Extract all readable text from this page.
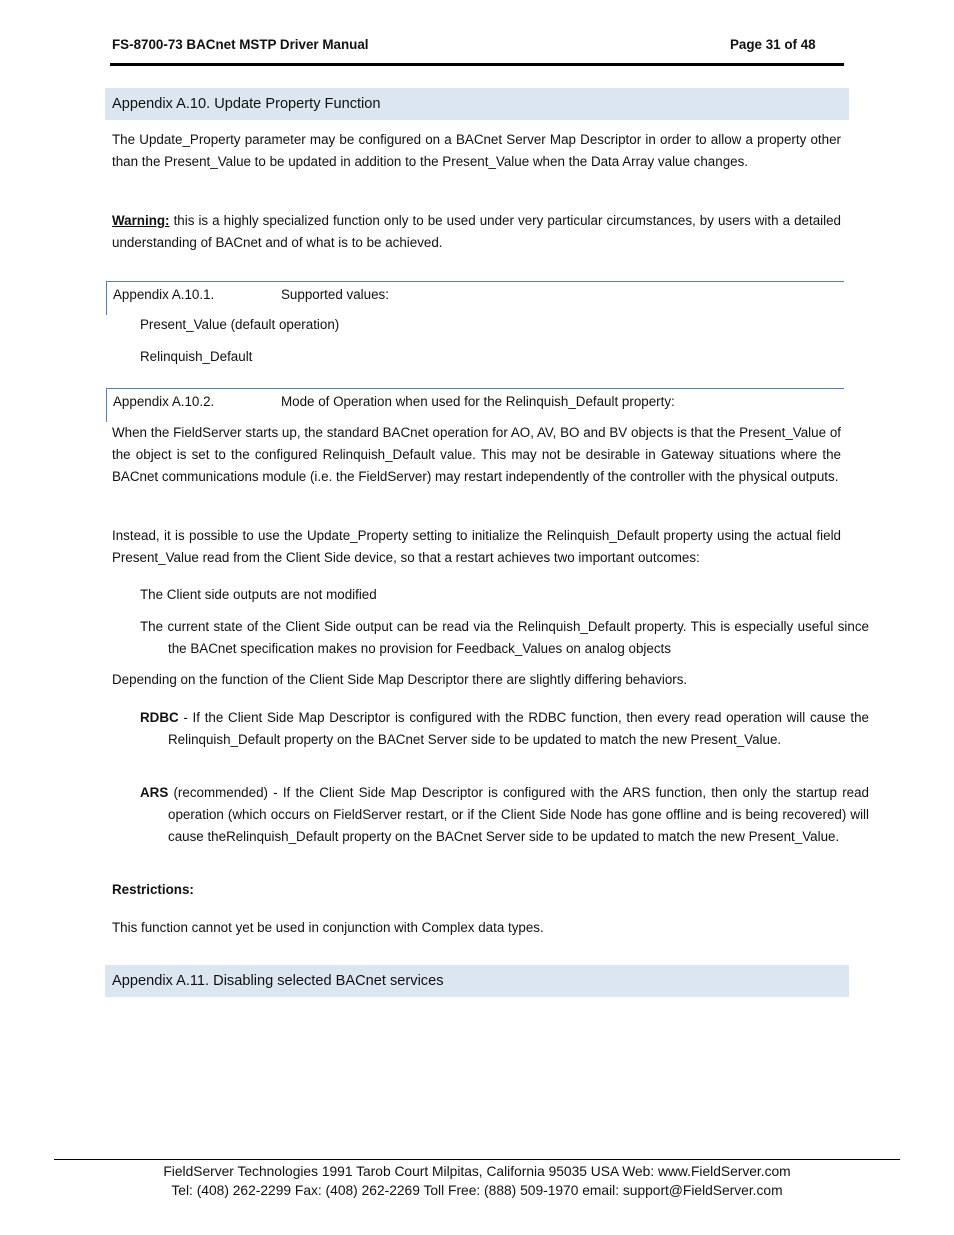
FS-8700-73 BACnet MSTP Driver Manual	Page 31 of 48
Appendix A.10. Update Property Function
The Update_Property parameter may be configured on a BACnet Server Map Descriptor in order to allow a property other than the Present_Value to be updated in addition to the Present_Value when the Data Array value changes.
Warning: this is a highly specialized function only to be used under very particular circumstances, by users with a detailed understanding of BACnet and of what is to be achieved.
Appendix A.10.1.	Supported values:
Present_Value (default operation)
Relinquish_Default
Appendix A.10.2.	Mode of Operation when used for the Relinquish_Default property:
When the FieldServer starts up, the standard BACnet operation for AO, AV, BO and BV objects is that the Present_Value of the object is set to the configured Relinquish_Default value. This may not be desirable in Gateway situations where the BACnet communications module (i.e. the FieldServer) may restart independently of the controller with the physical outputs.
Instead, it is possible to use the Update_Property setting to initialize the Relinquish_Default property using the actual field Present_Value read from the Client Side device, so that a restart achieves two important outcomes:
The Client side outputs are not modified
The current state of the Client Side output can be read via the Relinquish_Default property. This is especially useful since the BACnet specification makes no provision for Feedback_Values on analog objects
Depending on the function of the Client Side Map Descriptor there are slightly differing behaviors.
RDBC - If the Client Side Map Descriptor is configured with the RDBC function, then every read operation will cause the Relinquish_Default property on the BACnet Server side to be updated to match the new Present_Value.
ARS (recommended) - If the Client Side Map Descriptor is configured with the ARS function, then only the startup read operation (which occurs on FieldServer restart, or if the Client Side Node has gone offline and is being recovered) will cause theRelinquish_Default property on the BACnet Server side to be updated to match the new Present_Value.
Restrictions:
This function cannot yet be used in conjunction with Complex data types.
Appendix A.11. Disabling selected BACnet services
FieldServer Technologies 1991 Tarob Court Milpitas, California 95035 USA Web: www.FieldServer.com
Tel: (408) 262-2299 Fax: (408) 262-2269 Toll Free: (888) 509-1970 email: support@FieldServer.com
